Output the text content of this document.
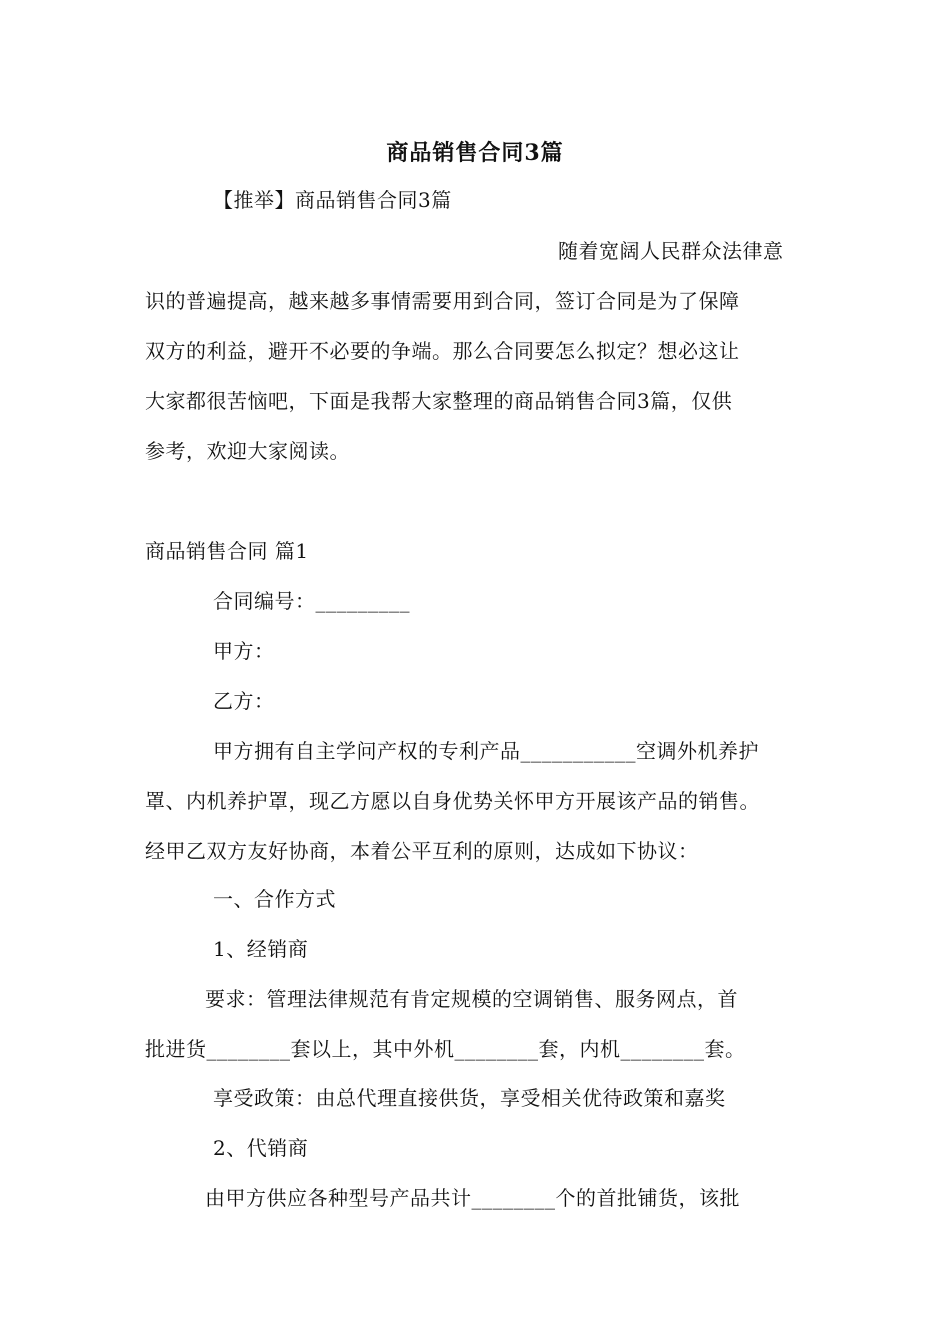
商品销售合同3篇
【推举】商品销售合同3篇
随着宽阔人民群众法律意
识的普遍提高，越来越多事情需要用到合同，签订合同是为了保障
双方的利益，避开不必要的争端。那么合同要怎么拟定？想必这让
大家都很苦恼吧，下面是我帮大家整理的商品销售合同3篇，仅供
参考，欢迎大家阅读。
商品销售合同 篇1
合同编号：_________
甲方：
乙方：
甲方拥有自主学问产权的专利产品___________空调外机养护
罩、内机养护罩，现乙方愿以自身优势关怀甲方开展该产品的销售。
经甲乙双方友好协商，本着公平互利的原则，达成如下协议：
一、合作方式
1、经销商
要求：管理法律规范有肯定规模的空调销售、服务网点，首
批进货________套以上，其中外机________套，内机________套。
享受政策：由总代理直接供货，享受相关优待政策和嘉奖
2、代销商
由甲方供应各种型号产品共计________个的首批铺货，该批
